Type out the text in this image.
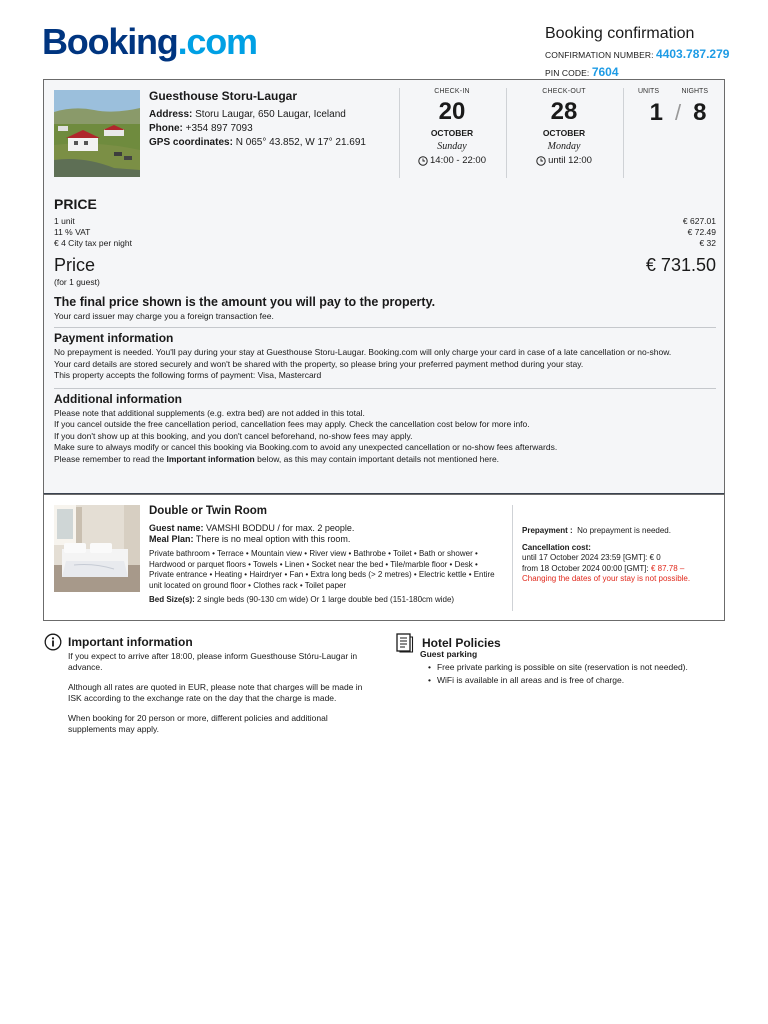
Booking.com	Booking confirmation
CONFIRMATION NUMBER: 4403.787.279
PIN CODE: 7604
Guesthouse Storu-Laugar
Address: Storu Laugar, 650 Laugar, Iceland
Phone: +354 897 7093
GPS coordinates: N 065° 43.852, W 17° 21.691
CHECK-IN
20
OCTOBER
Sunday
14:00 - 22:00
CHECK-OUT
28
OCTOBER
Monday
until 12:00
UNITS	NIGHTS
1 / 8
PRICE
1 unit	€ 627.01
11 % VAT	€ 72.49
€ 4 City tax per night	€ 32
Price	€ 731.50
(for 1 guest)
The final price shown is the amount you will pay to the property.
Your card issuer may charge you a foreign transaction fee.
Payment information
No prepayment is needed. You'll pay during your stay at Guesthouse Storu-Laugar. Booking.com will only charge your card in case of a late cancellation or no-show.
Your card details are stored securely and won't be shared with the property, so please bring your preferred payment method during your stay.
This property accepts the following forms of payment: Visa, Mastercard
Additional information
Please note that additional supplements (e.g. extra bed) are not added in this total.
If you cancel outside the free cancellation period, cancellation fees may apply. Check the cancellation cost below for more info.
If you don't show up at this booking, and you don't cancel beforehand, no-show fees may apply.
Make sure to always modify or cancel this booking via Booking.com to avoid any unexpected cancellation or no-show fees afterwards.
Please remember to read the Important information below, as this may contain important details not mentioned here.
Double or Twin Room
Guest name: VAMSHI BODDU / for max. 2 people.
Meal Plan: There is no meal option with this room.
Private bathroom • Terrace • Mountain view • River view • Bathrobe • Toilet • Bath or shower • Hardwood or parquet floors • Towels • Linen • Socket near the bed • Tile/marble floor • Desk • Private entrance • Heating • Hairdryer • Fan • Extra long beds (> 2 metres) • Electric kettle • Entire unit located on ground floor • Clothes rack • Toilet paper
Bed Size(s): 2 single beds (90-130 cm wide) Or 1 large double bed (151-180cm wide)
Prepayment : No prepayment is needed.
Cancellation cost:
until 17 October 2024 23:59 [GMT]: € 0
from 18 October 2024 00:00 [GMT]: € 87.78 –
Changing the dates of your stay is not possible.
Important information

If you expect to arrive after 18:00, please inform Guesthouse Stóru-Laugar in advance.

Although all rates are quoted in EUR, please note that charges will be made in ISK according to the exchange rate on the day that the charge is made.

When booking for 20 person or more, different policies and additional supplements may apply.

Hotel Policies
Guest parking
• Free private parking is possible on site (reservation is not needed).
• WiFi is available in all areas and is free of charge.
